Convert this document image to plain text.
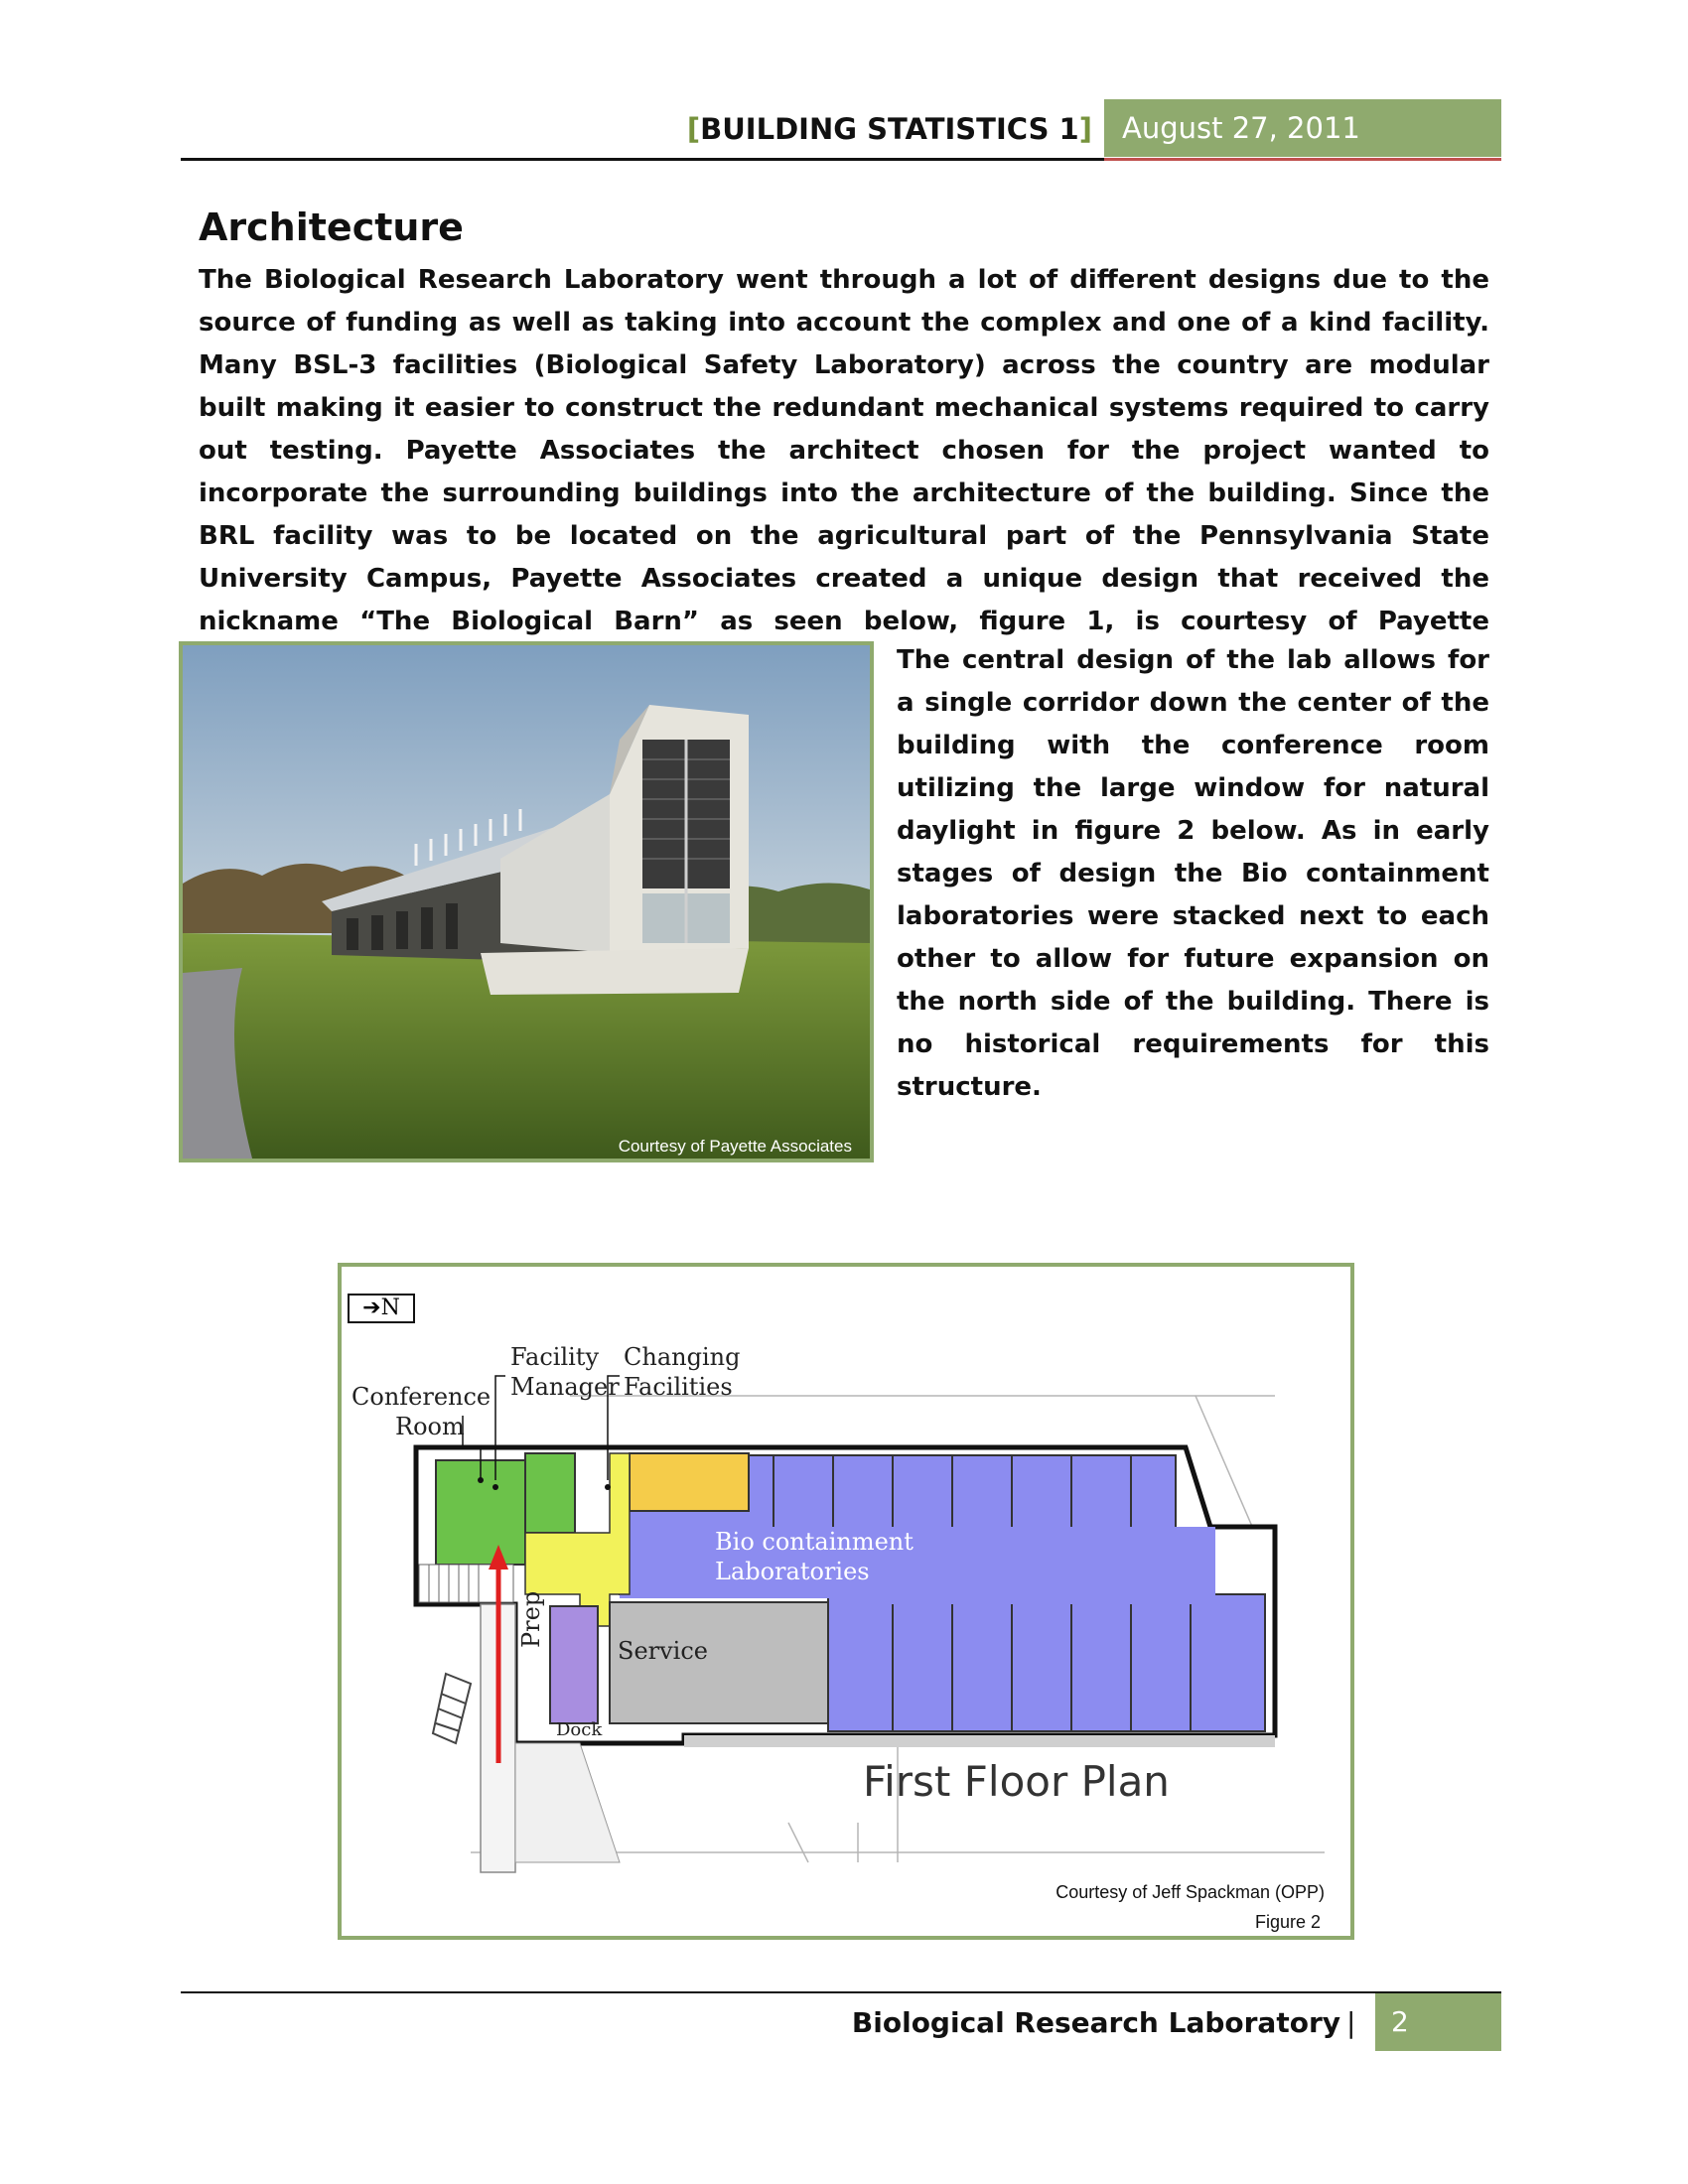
[BUILDING STATISTICS 1]	August 27, 2011
Architecture
The Biological Research Laboratory went through a lot of different designs due to the source of funding as well as taking into account the complex and one of a kind facility. Many BSL-3 facilities (Biological Safety Laboratory) across the country are modular built making it easier to construct the redundant mechanical systems required to carry out testing. Payette Associates the architect chosen for the project wanted to incorporate the surrounding buildings into the architecture of the building. Since the BRL facility was to be located on the agricultural part of the Pennsylvania State University Campus, Payette Associates created a unique design that received the nickname “The Biological Barn” as seen below, figure 1, is courtesy of Payette
Courtesy of Payette Associates
The central design of the lab allows for a single corridor down the center of the building with the conference room utilizing the large window for natural daylight in figure 2 below. As in early stages of design the Bio containment laboratories were stacked next to each other to allow for future expansion on the north side of the building. There is no historical requirements for this structure.
➔N
Conference
Room
Facility
Manager
Changing
Facilities
Bio containment
Laboratories
Prep
Service
Dock
First Floor Plan
Courtesy of Jeff Spackman (OPP)
Figure 2
Biological Research Laboratory |	2
